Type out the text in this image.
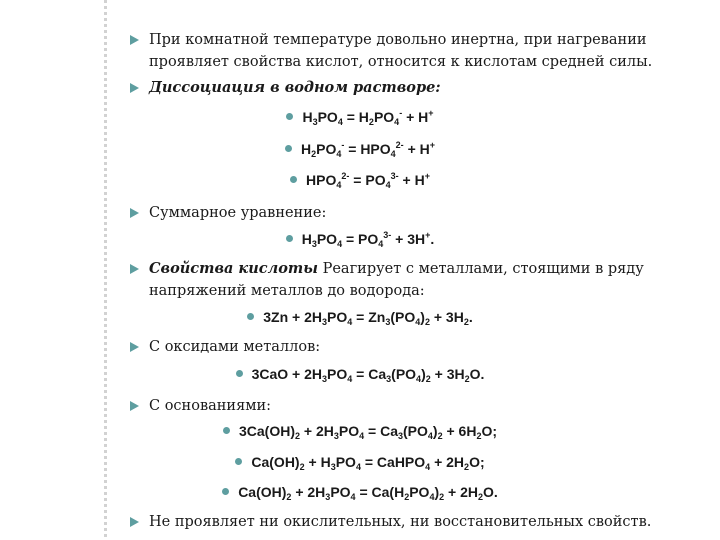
При комнатной температуре довольно инертна, при нагревании проявляет свойства кислот, относится к кислотам средней силы.
Диссоциация в водном растворе:
$H_3PO_4 = H_2PO_4^- + H^+$
$H_2PO_4^- = HPO_4^{2-} + H^+$
$HPO_4^{2-} = PO_4^{3-} + H^+$
Суммарное уравнение:
$H_3PO_4 = PO_4^{3-} + 3H^+$.
Свойства кислоты Реагирует с металлами, стоящими в ряду напряжений металлов до водорода:
$3Zn + 2H_3PO_4 = Zn_3(PO_4)_2 + 3H_2$.
С оксидами металлов:
$3CaO + 2H_3PO_4 = Ca_3(PO_4)_2 + 3H_2O$.
С основаниями:
$3Ca(OH)_2 + 2H_3PO_4 = Ca_3(PO_4)_2 + 6H_2O$;
$Ca(OH)_2 + H_3PO_4$ = CaHPO$_4$ + $2H_2O$;
$Ca(OH)_2 + 2H_3PO_4 = Ca(H_2PO_4)_2 + 2H_2O$.
Не проявляет ни окислительных, ни восстановительных свойств.
